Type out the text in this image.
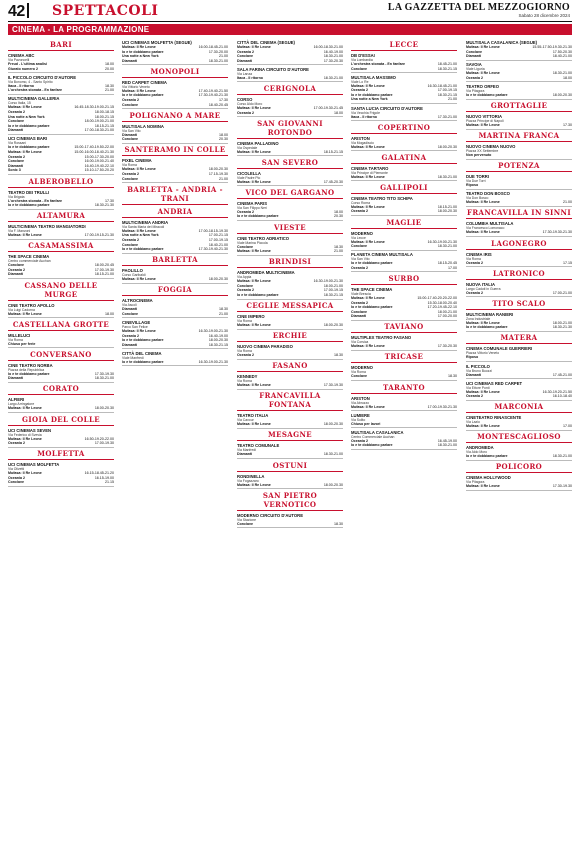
42	SPETTACOLI	LA GAZZETTA DEL MEZZOGIORNO
Sabato 28 dicembre 2024
CINEMA - LA PROGRAMMAZIONE
BARI
CINEMA ABC
Via Pavoncelli
Freud - L'ultima analisi	18.00
Giurato numero 2	20.00
IL PICCOLO CIRCUITO D'AUTORE
Via Bonomo, 4 - Santo Spirito
Itaca - Il ritorno	18.30
L'orchestra stonata - En fanfare	21.00
MULTICINEMA GALLERIA
Corso Italia, 15
Mufasa: Il Re Leone	16.45-18.30-19.00-21.15
Oceania 2	18.00-18.15
Una notte a New York	18.00-21.15
Conclave	18.00-19.00-21.00
Io e te dobbiamo parlare	18.15-21.15
Diamanti	17.00-18.30-21.00
UCI CINEMAS BARI
Via Rossani
Io e te dobbiamo parlare	15.00-17.40-19.50-22.00
Mufasa: Il Re Leone	15.00-16.00-18.40-21.30
Oceania 2	15.00-17.30-20.00
Conclave	16.00-19.00-21.40
Diamanti	16.40-19.40-22.10
Sonic 3	15.10-17.50-20.20
ALBEROBELLO
TEATRO DEI TRULLI
Via Brigata
L'orchestra stonata - En fanfare	17.30
Io e te dobbiamo parlare	18.30-21.30
ALTAMURA
MULTICINEMA TEATRO MANGIATORDI
Via F. Manzoni
Mufasa: Il Re Leone	17.00-19.15-21.30
CASAMASSIMA
THE SPACE CINEMA
Centro commerciale Auchan
Conclave	18.00-20.45
Oceania 2	17.00-19.30
Diamanti	18.15-21.00
CASSANO DELLE MURGE
CINE TEATRO APOLLO
Via Luigi Cadorna
Mufasa: Il Re Leone	18.00
CASTELLANA GROTTE
MILLELUCI
Via Roma
Chiuso per ferie
CONVERSANO
CINE TEATRO NORBA
Piazza della Repubblica
Io e te dobbiamo parlare	17.30-19.30
Diamanti	18.30-21.00
CORATO
ALFIERI
Largo Arringatore
Mufasa: Il Re Leone	18.00-20.30
GIOIA DEL COLLE
UCI CINEMAS SEVEN
Via Federico di Svevia
Mufasa: Il Re Leone	16.50-19.20-22.00
Oceania 2	17.00-19.30
MOLFETTA
UCI CINEMAS MOLFETTA
Via Olivetti
Mufasa: Il Re Leone	16.15-18.45-21.20
Oceania 2	16.15-19.00
Conclave	21.15
UCI CINEMAS MOLFETTA (SEGUE)
Mufasa: Il Re Leone	16.00-18.45-21.00
Io e te dobbiamo parlare	17.30-20.00
Una notte a New York	21.00
Diamanti	18.30-21.00
MONOPOLI
RED CARPET CINEMA
Via Vittorio Veneto
Mufasa: Il Re Leone	17.40-19.40-21.50
Io e te dobbiamo parlare	17.30-19.40-21.30
Oceania 2	17.30
Conclave	18.40-20.45
POLIGNANO A MARE
MULTISALA NOMINA
Via San Vito
Diamanti	18.00
Conclave	20.30
SANTERAMO IN COLLE
PIXEL CINEMA
Via Roma
Mufasa: Il Re Leone	18.00-20.30
Oceania 2	17.15-19.30
Conclave	21.00
BARLETTA - ANDRIA - TRANI
ANDRIA
MULTICINEMA ANDRIA
Via Santa Maria dei Miracoli
Mufasa: Il Re Leone	17.00-18.15-19.30
Una notte a New York	17.00-21.15
Oceania 2	17.00-19.15
Conclave	18.40-21.00
Io e te dobbiamo parlare	17.30-19.40-21.30
BARLETTA
PAOLILLO
Corso Garibaldi
Mufasa: Il Re Leone	18.00-20.30
FOGGIA
ALTROCINEMA
Via Ascoli
Diamanti	18.30
Conclave	21.00
CINEVILLAGE
Parco San Felice
Mufasa: Il Re Leone	16.30-19.00-21.30
Oceania 2	16.40-19.00
Io e te dobbiamo parlare	18.00-20.30
Diamanti	18.30-21.15
CITTÀ DEL CINEMA
Viale Manfredi
Io e te dobbiamo parlare	16.30-19.00-21.30
CITTÀ DEL CINEMA (SEGUE)
Mufasa: Il Re Leone	16.00-18.30-21.00
Oceania 2	16.40-19.00
Conclave	18.30-21.00
Diamanti	17.30-20.30
SALA FARINA CIRCUITO D'AUTORE
Via Lanza
Itaca - Il ritorno	18.30-21.00
CERIGNOLA
CORSO
Corso Aldo Moro
Mufasa: Il Re Leone	17.00-19.30-21.45
Oceania 2	18.00
SAN GIOVANNI ROTONDO
CINEMA PALLADINO
Via Ospedale
Mufasa: Il Re Leone	18.15-21.15
SAN SEVERO
CICOLELLA
Viale Padre Pio
Mufasa: Il Re Leone	17.45-20.30
VICO DEL GARGANO
CINEMA PARIS
Via San Filippo Neri
Oceania 2	18.00
Io e te dobbiamo parlare	20.30
VIESTE
CINE TEATRO ADRIATICO
Viale Marina Piccola
Conclave	18.30
Mufasa: Il Re Leone	21.00
BRINDISI
ANDROMEDA MULTICINEMA
Via Appia
Mufasa: Il Re Leone	16.30-19.00-21.30
Conclave	18.00-21.00
Oceania 2	17.00-19.15
Io e te dobbiamo parlare	18.30-21.15
CEGLIE MESSAPICA
CINE IMPERO
Via Roma
Mufasa: Il Re Leone	18.00-20.30
ERCHIE
NUOVO CINEMA PARADISO
Via Roma
Oceania 2	18.30
FASANO
KENNEDY
Via Roma
Mufasa: Il Re Leone	17.30-19.30
FRANCAVILLA FONTANA
TEATRO ITALIA
Via Cavour
Mufasa: Il Re Leone	18.00-20.30
MESAGNE
TEATRO COMUNALE
Via Manfredi
Diamanti	18.30-21.00
OSTUNI
RONDINELLA
Via Fogazzaro
Mufasa: Il Re Leone	18.00-20.30
SAN PIETRO VERNOTICO
MODERNO CIRCUITO D'AUTORE
Via Stazione
Conclave	18.30
LECCE
DB D'ESSAI
Via Lombardia
L'orchestra stonata - En fanfare	18.45-21.00
Conclave	18.30-21.15
MULTISALA MASSIMO
Viale Lo Re
Mufasa: Il Re Leone	16.30-18.45-21.00
Oceania 2	17.00-19.15
Io e te dobbiamo parlare	18.30-21.15
Una notte a New York	21.00
SANTA LUCIA CIRCUITO D'AUTORE
Via Vecchia Frigole
Itaca - Il ritorno	17.30-21.00
COPERTINO
ARISTON
Via Mogadiscio
Mufasa: Il Re Leone	18.00-20.30
GALATINA
CINEMA TARTARO
Via Principe di Piemonte
Mufasa: Il Re Leone	18.30-21.00
GALLIPOLI
CINEMA TEATRO TITO SCHIPA
Corso Roma
Mufasa: Il Re Leone	18.15-21.00
Oceania 2	18.00-20.30
MAGLIE
MODERNO
Via Lecce
Mufasa: Il Re Leone	16.30-19.00-21.30
Conclave	18.30-21.00
PLANETA CINEMA MULTISALA
Via San Vito
Io e te dobbiamo parlare	18.15-20.45
Oceania 2	17.00
SURBO
THE SPACE CINEMA
Viale Brescia
Mufasa: Il Re Leone	15.00-17.40-20.20-22.00
Oceania 2	15.30-18.00-20.40
Io e te dobbiamo parlare	17.20-19.45-22.10
Conclave	18.00-21.00
Diamanti	17.00-20.00
TAVIANO
MULTIPLEX TEATRO FASANO
Via Corsica
Mufasa: Il Re Leone	17.30-20.30
TRICASE
MODERNO
Via Roma
Conclave	18.30
TARANTO
ARISTON
Via Abruzzo
Mufasa: Il Re Leone	17.00-19.30-21.30
LUMIERE
Via Solito
Chiuso per lavori
MULTISALA CASALANICA
Centro Commerciale Auchan
Oceania 2	16.45-19.00
Io e te dobbiamo parlare	18.30-21.00
MULTISALA CASALANICA (SEGUE)
Mufasa: Il Re Leone	15.55-17.50-19.30-21.30
Conclave	17.50-20.30
Diamanti	18.40-21.00
SAVOIA
Viale Liguria
Mufasa: Il Re Leone	18.30-21.00
Oceania 2	18.00
TEATRO ORFEO
Via Pitagora
Io e te dobbiamo parlare	18.00-20.30
GROTTAGLIE
NUOVO VITTORIA
Piazza Principe di Napoli
Mufasa: Il Re Leone	17.30
MARTINA FRANCA
NUOVO CINEMA NUOVO
Piazza XX Settembre
Non pervenuto
POTENZA
DUE TORRI
Via Due Torri
Riposo
TEATRO DON BOSCO
Via Don Bosco
Mufasa: Il Re Leone	21.00
FRANCAVILLA IN SINNI
COLUMBIA MULTISALA
Via Francesco Lomonaco
Mufasa: Il Re Leone	17.30-19.30-21.30
LAGONEGRO
CINEMA IRIS
Via Roma
Oceania 2	17.15
LATRONICO
NUOVA ITALIA
Largo Caduti in Guerra
Oceania 2	17.00-21.00
TITO SCALO
MULTICINEMA RANIERI
Zona Industriale
Mufasa: Il Re Leone	18.00-21.00
Io e te dobbiamo parlare	18.30-21.30
MATERA
CINEMA COMUNALE GUERRIERI
Piazza Vittorio Veneto
Riposo
IL PICCOLO
Via Bruno Buozzi
Diamanti	17.45-21.00
UCI CINEMAS RED CARPET
Via Ettore Ponti
Mufasa: Il Re Leone	16.30-19.20-21.50
Oceania 2	16.10-18.40
MARCONIA
CINETEATRO RINASCENTE
Via Lazio
Mufasa: Il Re Leone	17.00
MONTESCAGLIOSO
ANDROMEDA
Via Aldo Moro
Io e te dobbiamo parlare	18.30-21.00
POLICORO
CINEMA HOLLYWOOD
Via Pitagora
Mufasa: Il Re Leone	17.30-19.30
